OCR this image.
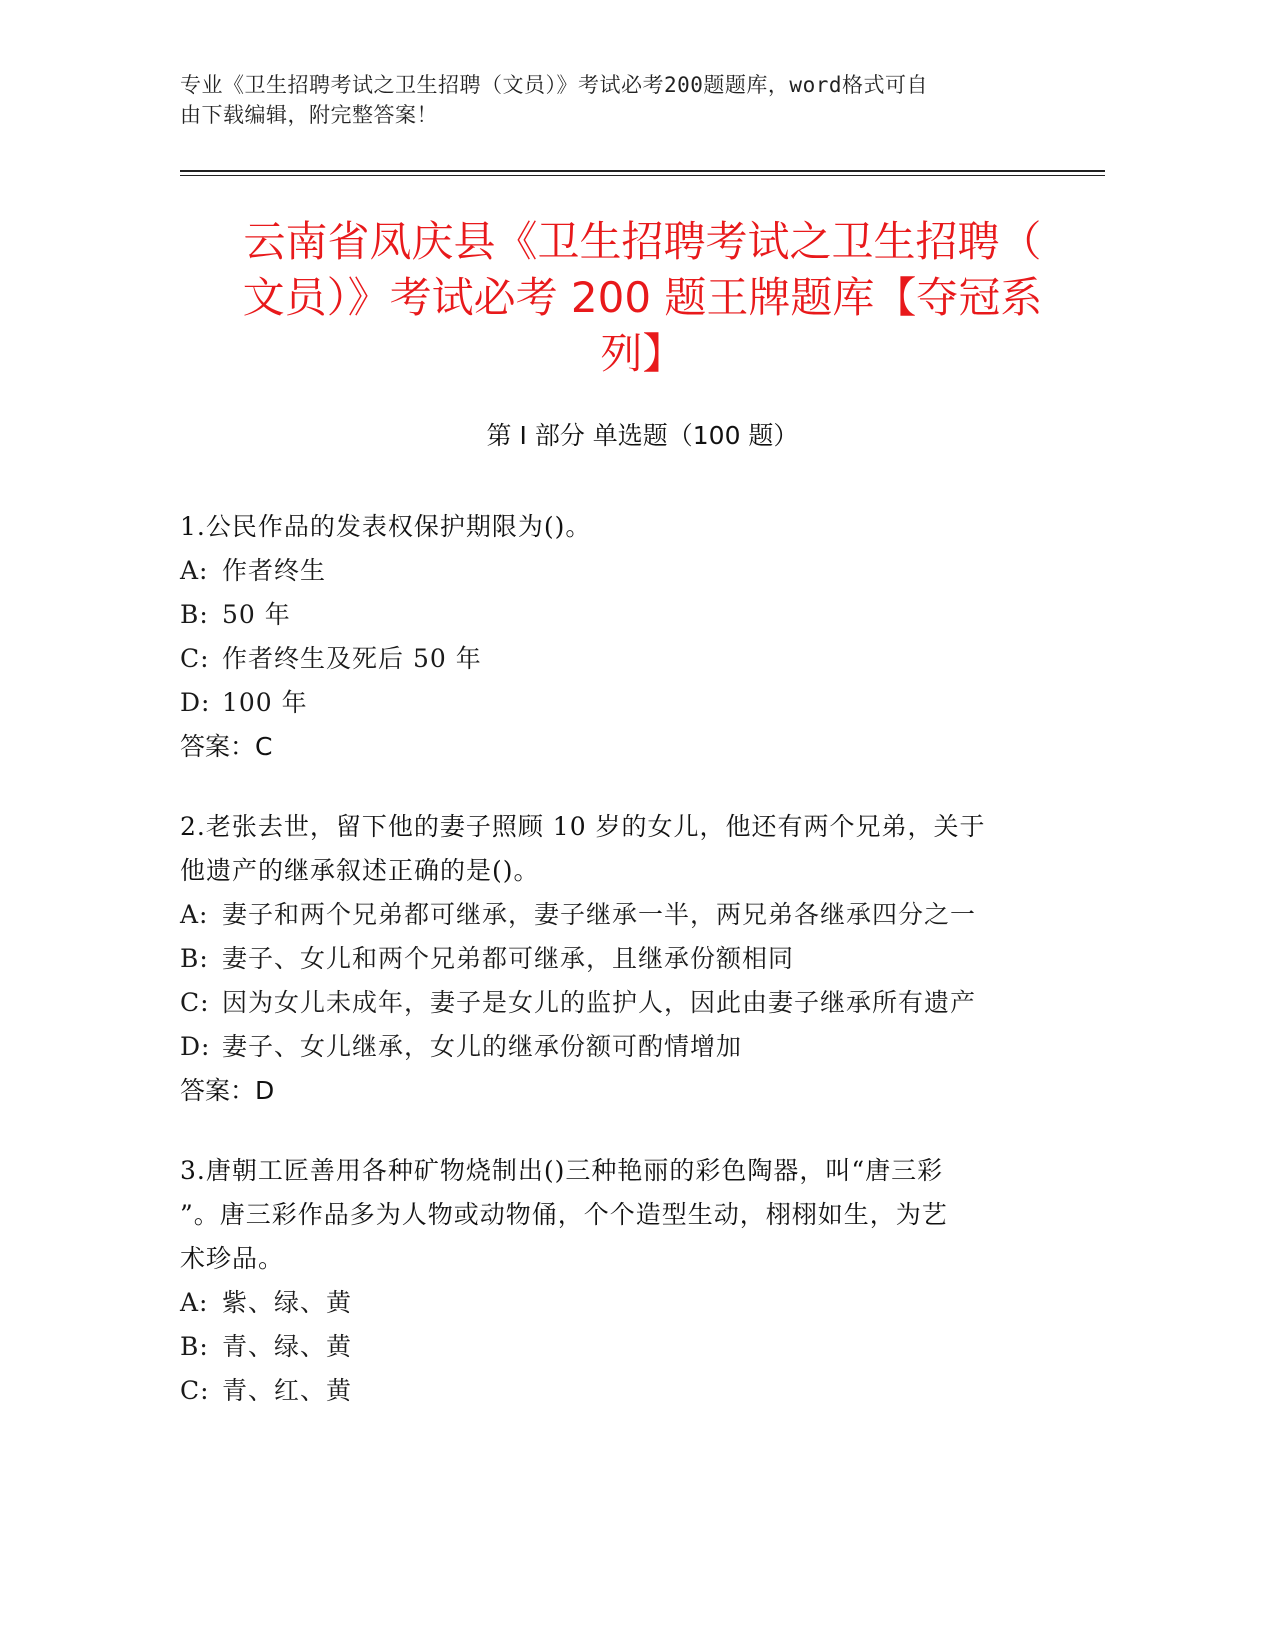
专业《卫生招聘考试之卫生招聘（文员）》考试必考200题题库，word格式可自
由下载编辑，附完整答案！
云南省凤庆县《卫生招聘考试之卫生招聘（
文员）》考试必考 200 题王牌题库【夺冠系
列】
第 I 部分 单选题（100 题）

1.公民作品的发表权保护期限为()。

A: 作者终生
B: 50 年
C: 作者终生及死后 50 年
D: 100 年

答案：C

2.老张去世，留下他的妻子照顾 10 岁的女儿，他还有两个兄弟，关于

他遗产的继承叙述正确的是()。

A: 妻子和两个兄弟都可继承，妻子继承一半，两兄弟各继承四分之一
B: 妻子、女儿和两个兄弟都可继承，且继承份额相同
C: 因为女儿未成年，妻子是女儿的监护人，因此由妻子继承所有遗产
D: 妻子、女儿继承，女儿的继承份额可酌情增加

答案：D

3.唐朝工匠善用各种矿物烧制出()三种艳丽的彩色陶器，叫“唐三彩

”。唐三彩作品多为人物或动物俑，个个造型生动，栩栩如生，为艺

术珍品。

A: 紫、绿、黄
B: 青、绿、黄
C: 青、红、黄
